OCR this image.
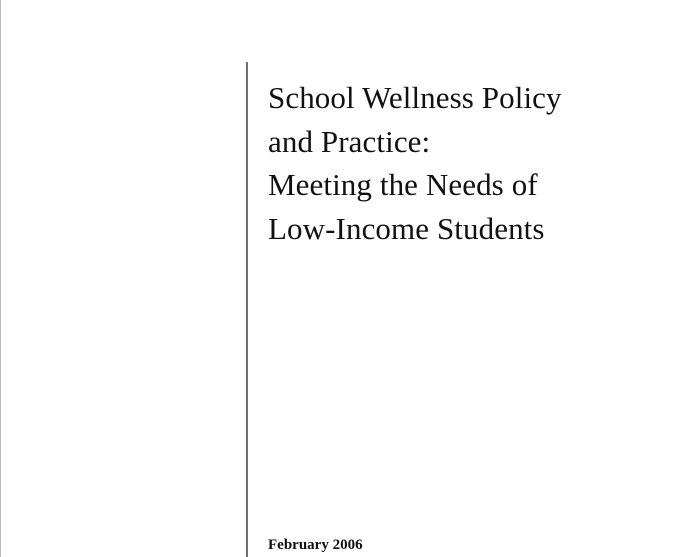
School Wellness Policy
and Practice:
Meeting the Needs of
Low-Income Students
February 2006
